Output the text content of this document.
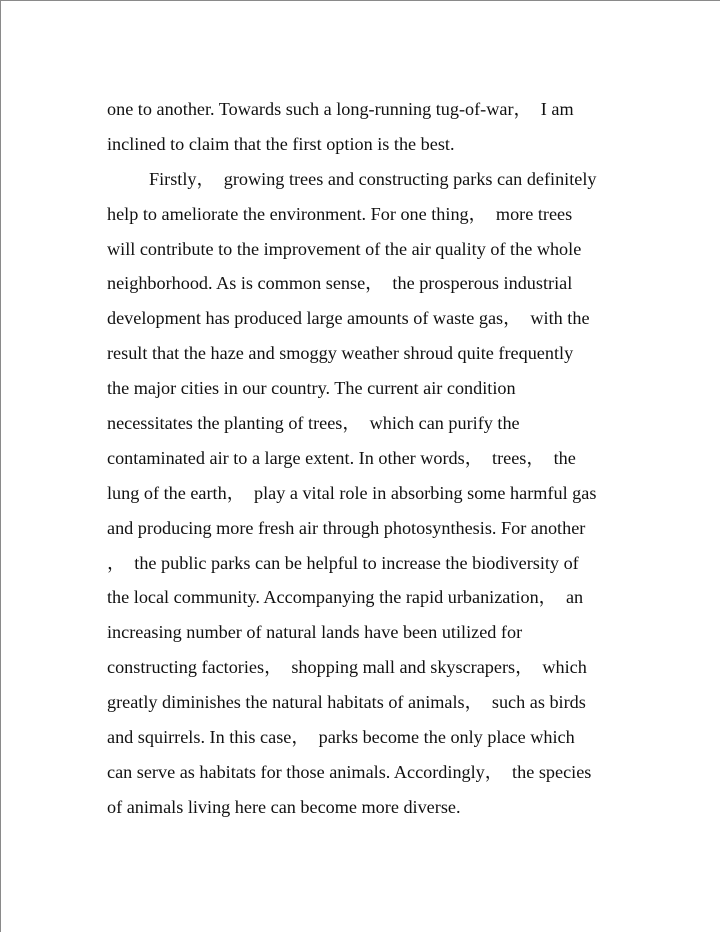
one to another. Towards such a long-running tug-of-war，  I am
inclined to claim that the first option is the best.
Firstly，  growing trees and constructing parks can definitely
help to ameliorate the environment. For one thing，  more trees
will contribute to the improvement of the air quality of the whole
neighborhood. As is common sense，  the prosperous industrial
development has produced large amounts of waste gas，  with the
result that the haze and smoggy weather shroud quite frequently
the major cities in our country. The current air condition
necessitates the planting of trees，  which can purify the
contaminated air to a large extent. In other words，  trees，  the
lung of the earth，  play a vital role in absorbing some harmful gas
and producing more fresh air through photosynthesis. For another
，  the public parks can be helpful to increase the biodiversity of
the local community. Accompanying the rapid urbanization，  an
increasing number of natural lands have been utilized for
constructing factories，  shopping mall and skyscrapers，  which
greatly diminishes the natural habitats of animals，  such as birds
and squirrels. In this case，  parks become the only place which
can serve as habitats for those animals. Accordingly，  the species
of animals living here can become more diverse.
